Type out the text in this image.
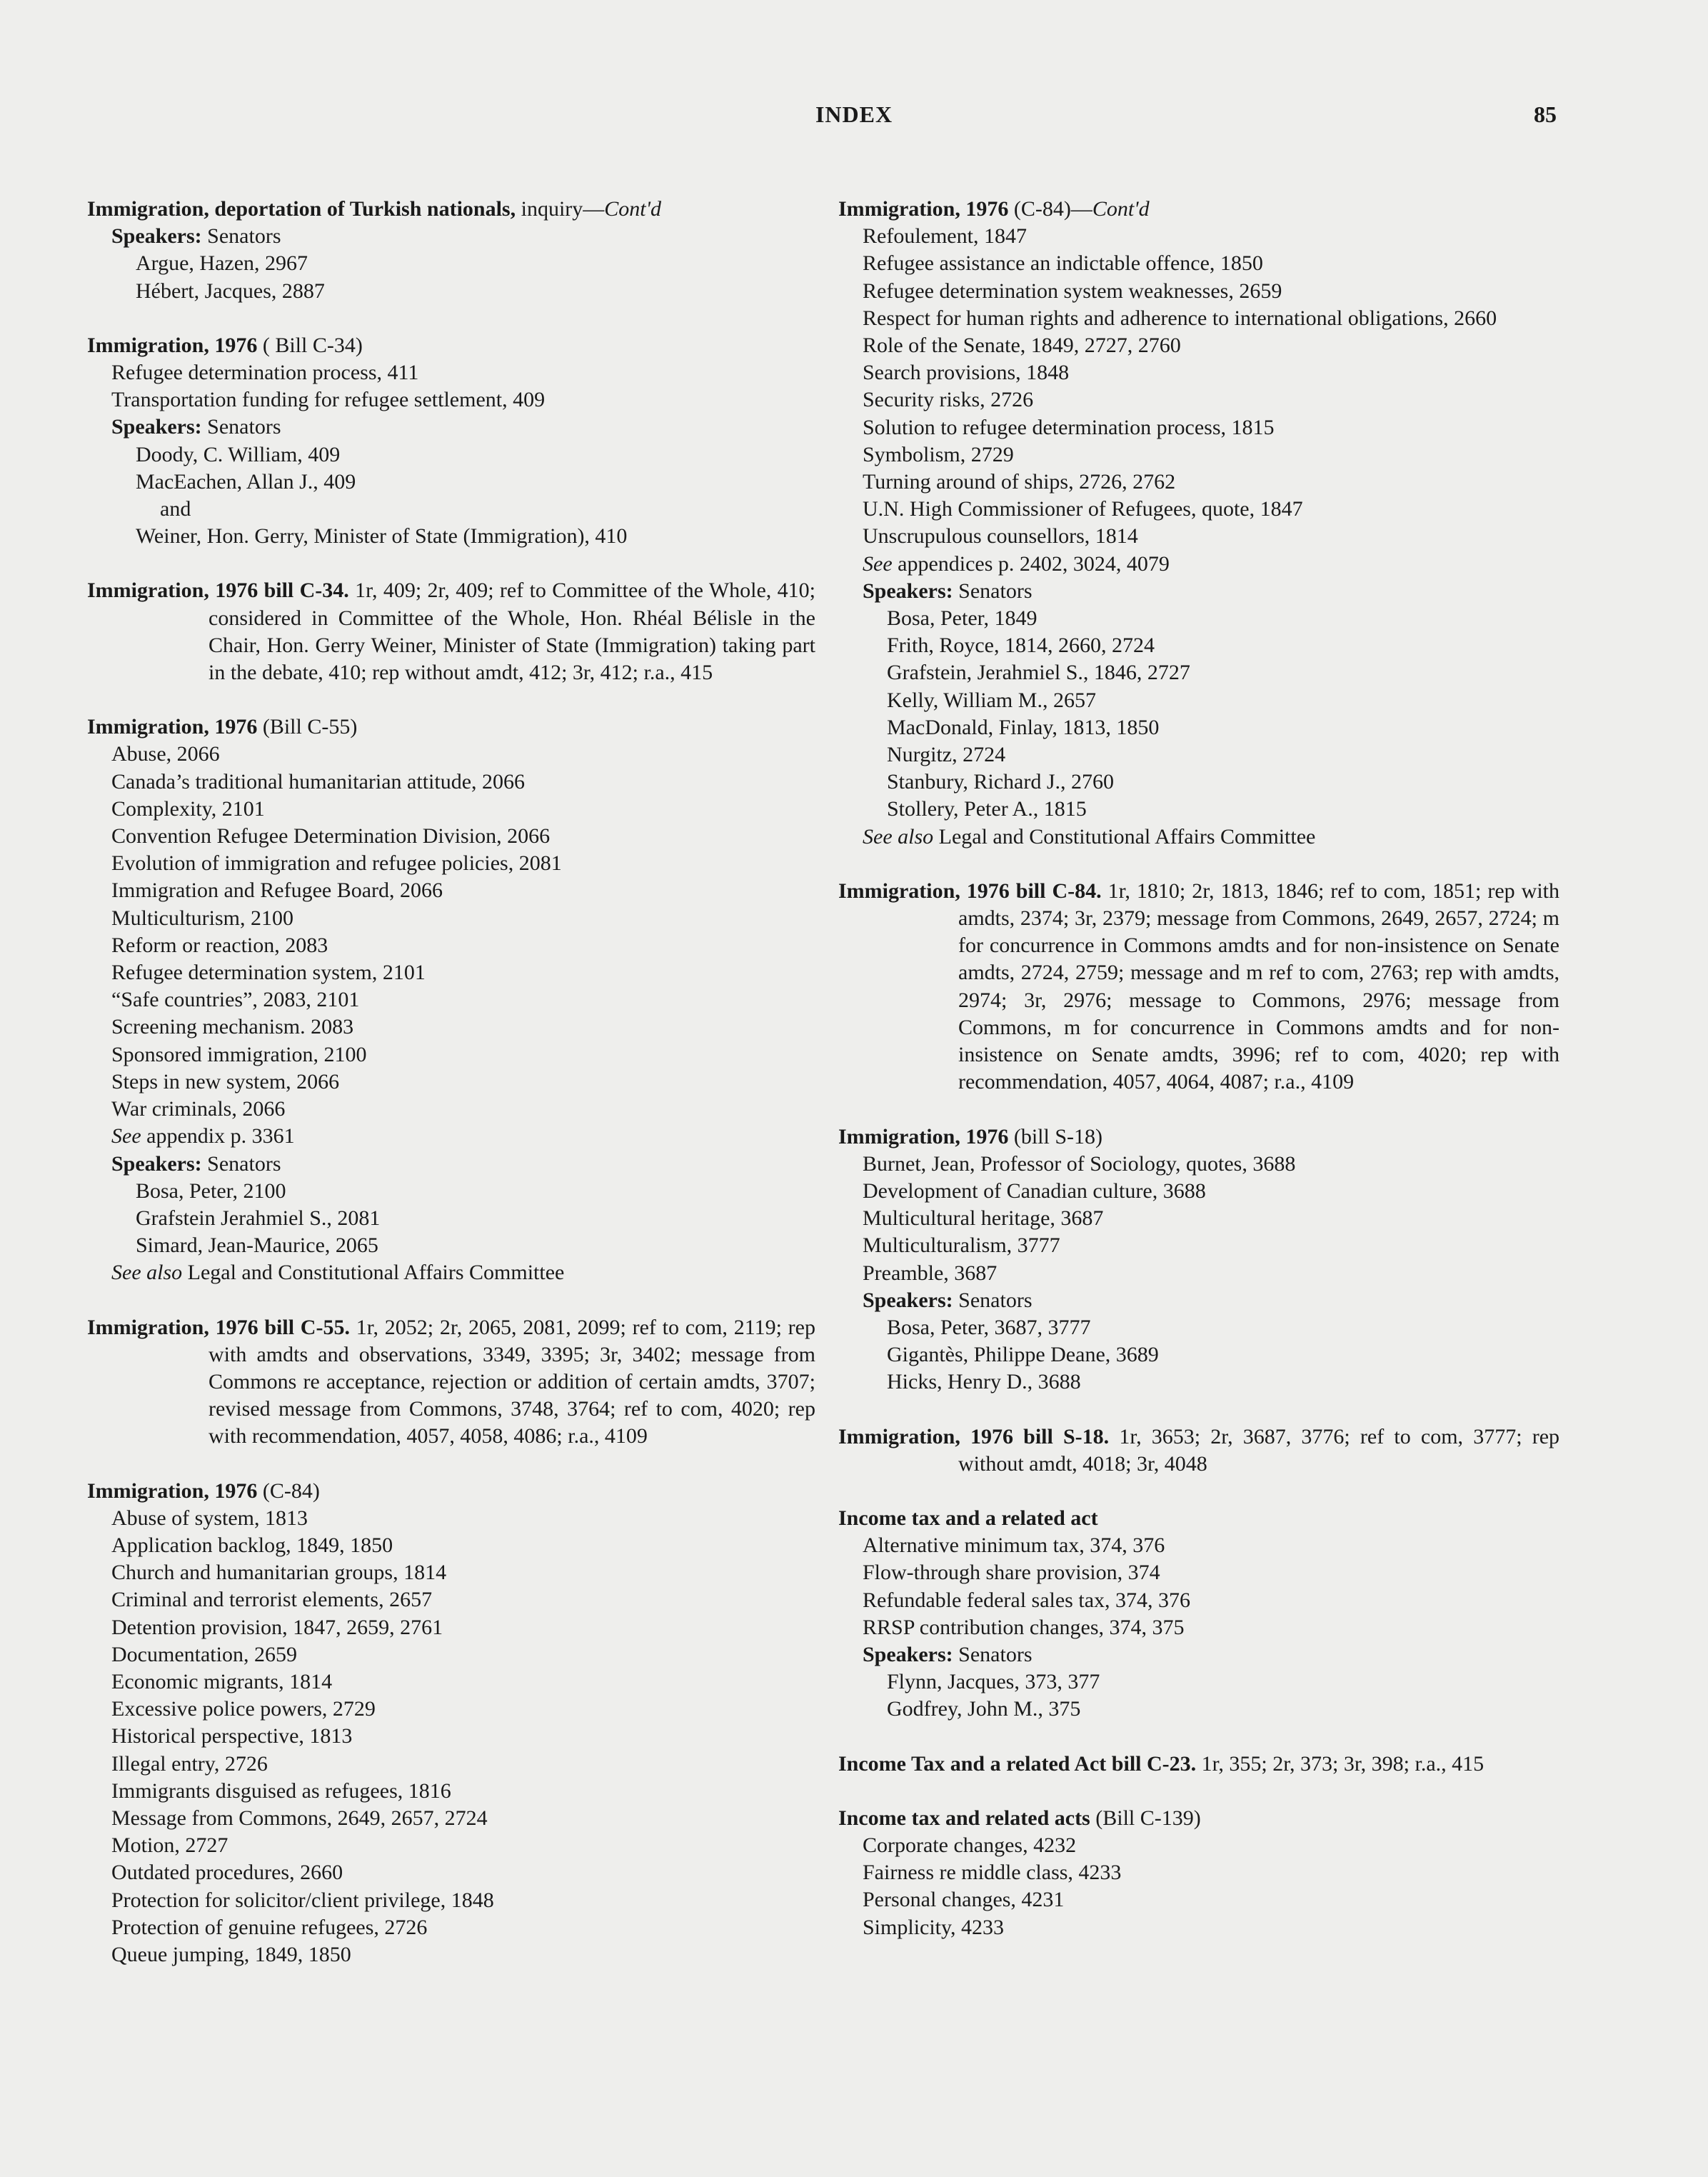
INDEX	85
Immigration, deportation of Turkish nationals, inquiry—Cont'd
Speakers: Senators
Argue, Hazen, 2967
Hébert, Jacques, 2887
Immigration, 1976 ( Bill C-34)
Refugee determination process, 411
Transportation funding for refugee settlement, 409
Speakers: Senators
Doody, C. William, 409
MacEachen, Allan J., 409
and
Weiner, Hon. Gerry, Minister of State (Immigration), 410
Immigration, 1976 bill C-34. 1r, 409; 2r, 409; ref to Committee of the Whole, 410; considered in Committee of the Whole, Hon. Rhéal Bélisle in the Chair, Hon. Gerry Weiner, Minister of State (Immigration) taking part in the debate, 410; rep without amdt, 412; 3r, 412; r.a., 415
Immigration, 1976 (Bill C-55)
Abuse, 2066
Canada’s traditional humanitarian attitude, 2066
Complexity, 2101
Convention Refugee Determination Division, 2066
Evolution of immigration and refugee policies, 2081
Immigration and Refugee Board, 2066
Multiculturism, 2100
Reform or reaction, 2083
Refugee determination system, 2101
“Safe countries”, 2083, 2101
Screening mechanism. 2083
Sponsored immigration, 2100
Steps in new system, 2066
War criminals, 2066
See appendix p. 3361
Speakers: Senators
Bosa, Peter, 2100
Grafstein Jerahmiel S., 2081
Simard, Jean-Maurice, 2065
See also Legal and Constitutional Affairs Committee
Immigration, 1976 bill C-55. 1r, 2052; 2r, 2065, 2081, 2099; ref to com, 2119; rep with amdts and observations, 3349, 3395; 3r, 3402; message from Commons re acceptance, rejection or addition of certain amdts, 3707; revised message from Commons, 3748, 3764; ref to com, 4020; rep with recommendation, 4057, 4058, 4086; r.a., 4109
Immigration, 1976 (C-84)
Abuse of system, 1813
Application backlog, 1849, 1850
Church and humanitarian groups, 1814
Criminal and terrorist elements, 2657
Detention provision, 1847, 2659, 2761
Documentation, 2659
Economic migrants, 1814
Excessive police powers, 2729
Historical perspective, 1813
Illegal entry, 2726
Immigrants disguised as refugees, 1816
Message from Commons, 2649, 2657, 2724
Motion, 2727
Outdated procedures, 2660
Protection for solicitor/client privilege, 1848
Protection of genuine refugees, 2726
Queue jumping, 1849, 1850
Immigration, 1976 (C-84)—Cont'd
Refoulement, 1847
Refugee assistance an indictable offence, 1850
Refugee determination system weaknesses, 2659
Respect for human rights and adherence to international obligations, 2660
Role of the Senate, 1849, 2727, 2760
Search provisions, 1848
Security risks, 2726
Solution to refugee determination process, 1815
Symbolism, 2729
Turning around of ships, 2726, 2762
U.N. High Commissioner of Refugees, quote, 1847
Unscrupulous counsellors, 1814
See appendices p. 2402, 3024, 4079
Speakers: Senators
Bosa, Peter, 1849
Frith, Royce, 1814, 2660, 2724
Grafstein, Jerahmiel S., 1846, 2727
Kelly, William M., 2657
MacDonald, Finlay, 1813, 1850
Nurgitz, 2724
Stanbury, Richard J., 2760
Stollery, Peter A., 1815
See also Legal and Constitutional Affairs Committee
Immigration, 1976 bill C-84. 1r, 1810; 2r, 1813, 1846; ref to com, 1851; rep with amdts, 2374; 3r, 2379; message from Commons, 2649, 2657, 2724; m for concurrence in Commons amdts and for non-insistence on Senate amdts, 2724, 2759; message and m ref to com, 2763; rep with amdts, 2974; 3r, 2976; message to Commons, 2976; message from Commons, m for concurrence in Commons amdts and for non-insistence on Senate amdts, 3996; ref to com, 4020; rep with recommendation, 4057, 4064, 4087; r.a., 4109
Immigration, 1976 (bill S-18)
Burnet, Jean, Professor of Sociology, quotes, 3688
Development of Canadian culture, 3688
Multicultural heritage, 3687
Multiculturalism, 3777
Preamble, 3687
Speakers: Senators
Bosa, Peter, 3687, 3777
Gigantès, Philippe Deane, 3689
Hicks, Henry D., 3688
Immigration, 1976 bill S-18. 1r, 3653; 2r, 3687, 3776; ref to com, 3777; rep without amdt, 4018; 3r, 4048
Income tax and a related act
Alternative minimum tax, 374, 376
Flow-through share provision, 374
Refundable federal sales tax, 374, 376
RRSP contribution changes, 374, 375
Speakers: Senators
Flynn, Jacques, 373, 377
Godfrey, John M., 375
Income Tax and a related Act bill C-23. 1r, 355; 2r, 373; 3r, 398; r.a., 415
Income tax and related acts (Bill C-139)
Corporate changes, 4232
Fairness re middle class, 4233
Personal changes, 4231
Simplicity, 4233
